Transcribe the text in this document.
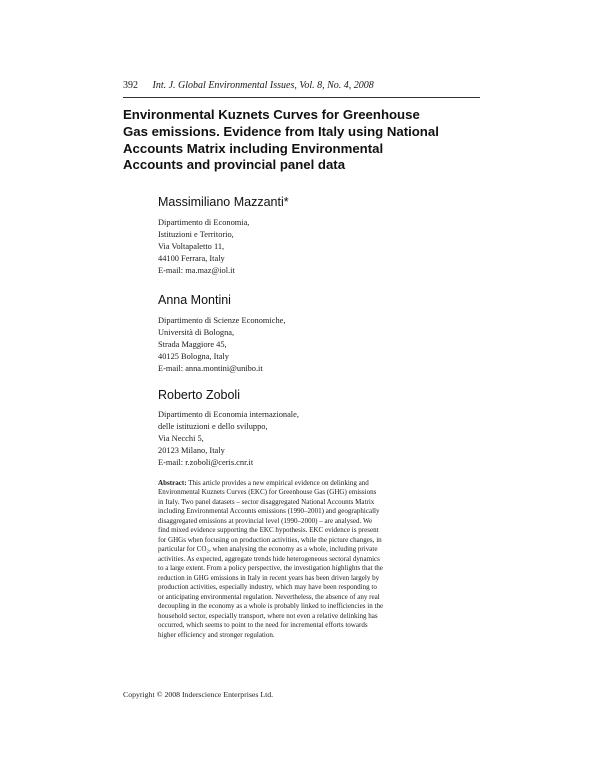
392 Int. J. Global Environmental Issues, Vol. 8, No. 4, 2008
Environmental Kuznets Curves for Greenhouse
Gas emissions. Evidence from Italy using National
Accounts Matrix including Environmental
Accounts and provincial panel data
Massimiliano Mazzanti*
Dipartimento di Economia,
Istituzioni e Territorio,
Via Voltapaletto 11,
44100 Ferrara, Italy
E-mail: ma.maz@iol.it
Anna Montini
Dipartimento di Scienze Economiche,
Università di Bologna,
Strada Maggiore 45,
40125 Bologna, Italy
E-mail: anna.montini@unibo.it
Roberto Zoboli
Dipartimento di Economia internazionale,
delle istituzioni e dello sviluppo,
Via Necchi 5,
20123 Milano, Italy
E-mail: r.zoboli@ceris.cnr.it
Abstract: This article provides a new empirical evidence on delinking and
Environmental Kuznets Curves (EKC) for Greenhouse Gas (GHG) emissions
in Italy. Two panel datasets – sector disaggregated National Accounts Matrix
including Environmental Accounts emissions (1990–2001) and geographically
disaggregated emissions at provincial level (1990–2000) – are analysed. We
find mixed evidence supporting the EKC hypothesis. EKC evidence is present
for GHGs when focusing on production activities, while the picture changes, in
particular for CO₂, when analysing the economy as a whole, including private
activities. As expected, aggregate trends hide heterogeneous sectoral dynamics
to a large extent. From a policy perspective, the investigation highlights that the
reduction in GHG emissions in Italy in recent years has been driven largely by
production activities, especially industry, which may have been responding to
or anticipating environmental regulation. Nevertheless, the absence of any real
decoupling in the economy as a whole is probably linked to inefficiencies in the
household sector, especially transport, where not even a relative delinking has
occurred, which seems to point to the need for incremental efforts towards
higher efficiency and stronger regulation.
Copyright © 2008 Inderscience Enterprises Ltd.
